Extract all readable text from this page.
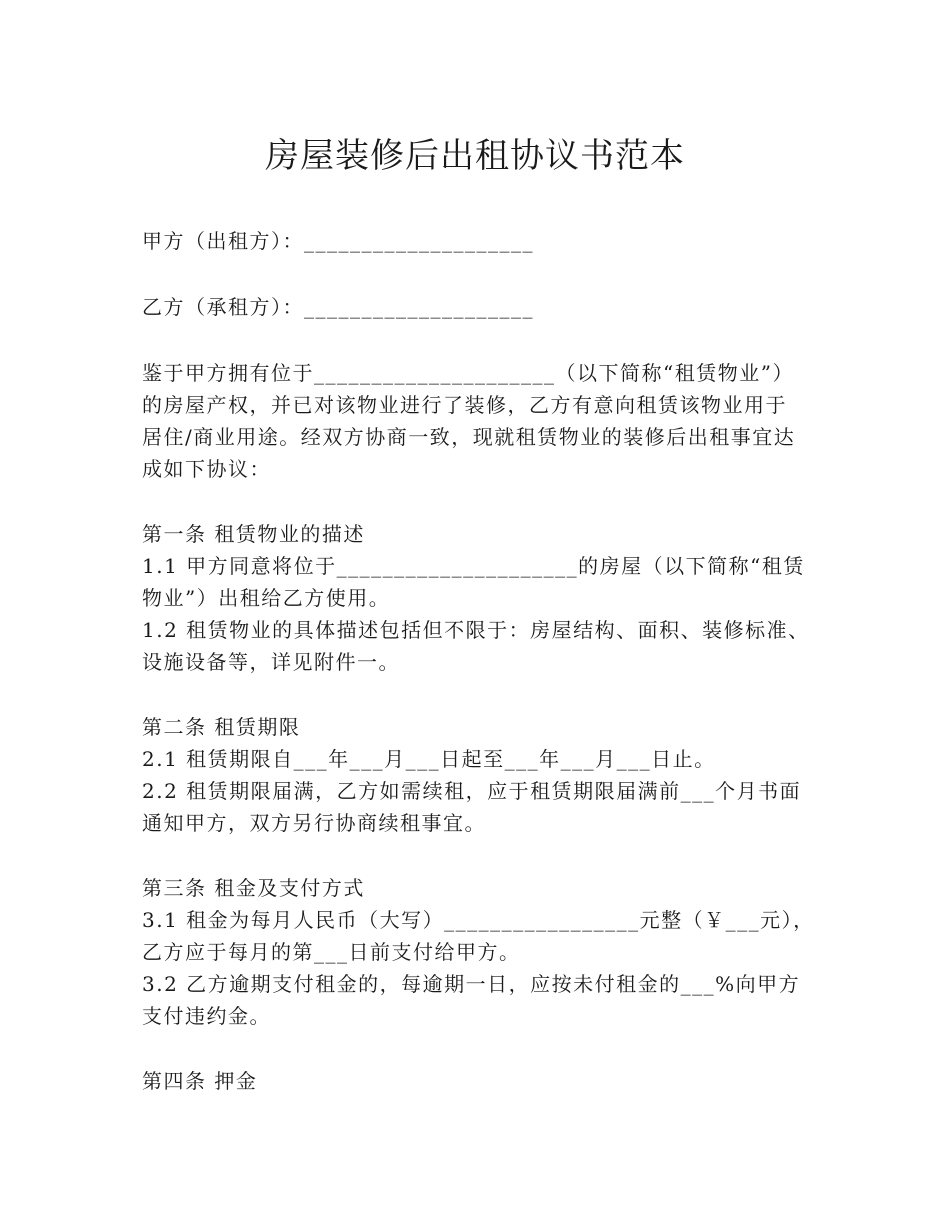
房屋装修后出租协议书范本

甲方（出租方）：____________________

乙方（承租方）：____________________

鉴于甲方拥有位于_____________________（以下简称“租赁物业”）

的房屋产权，并已对该物业进行了装修，乙方有意向租赁该物业用于

居住/商业用途。经双方协商一致，现就租赁物业的装修后出租事宜达

成如下协议：

第一条 租赁物业的描述

1.1 甲方同意将位于_____________________的房屋（以下简称“租赁

物业”）出租给乙方使用。

1.2 租赁物业的具体描述包括但不限于：房屋结构、面积、装修标准、

设施设备等，详见附件一。

第二条 租赁期限

2.1 租赁期限自___年___月___日起至___年___月___日止。

2.2 租赁期限届满，乙方如需续租，应于租赁期限届满前___个月书面

通知甲方，双方另行协商续租事宜。

第三条 租金及支付方式

3.1 租金为每月人民币（大写）_________________元整（￥___元），

乙方应于每月的第___日前支付给甲方。

3.2 乙方逾期支付租金的，每逾期一日，应按未付租金的___%向甲方

支付违约金。

第四条 押金
